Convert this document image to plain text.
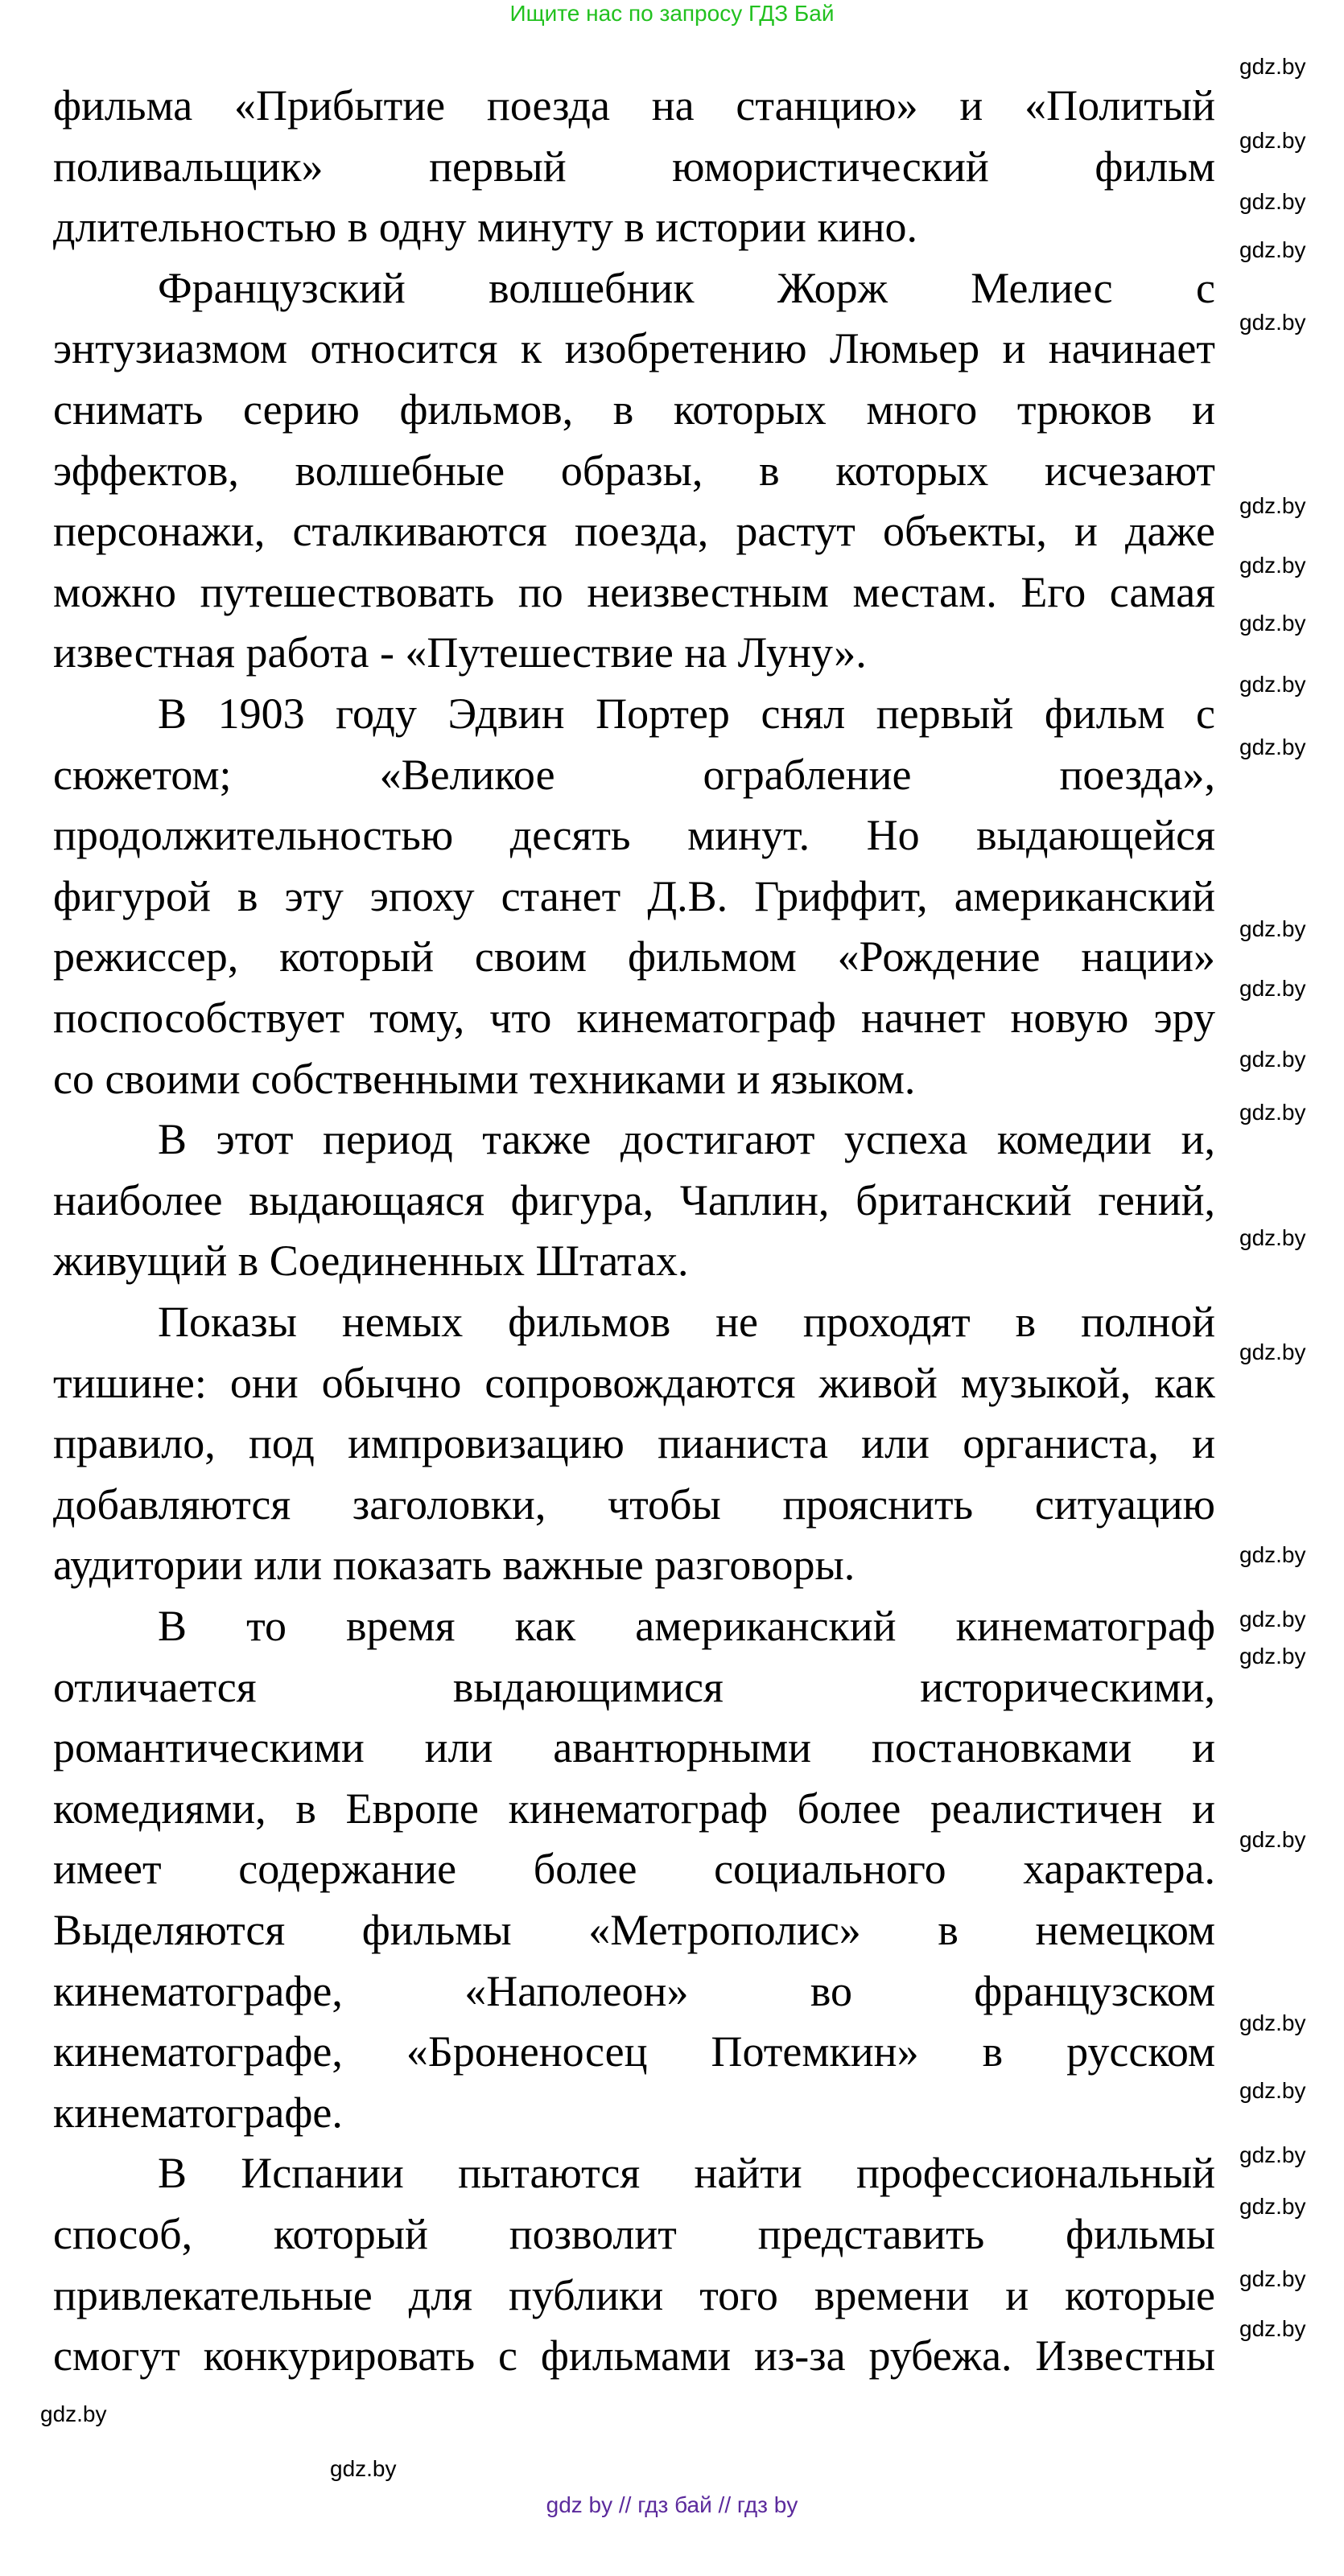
Ищите нас по запросу ГДЗ Бай
фильма «Прибытие поезда на станцию» и «Политый
поливальщик» первый юмористический фильм
длительностью в одну минуту в истории кино.
Французский волшебник Жорж Мелиес с
энтузиазмом относится к изобретению Люмьер и начинает
снимать серию фильмов, в которых много трюков и
эффектов, волшебные образы, в которых исчезают
персонажи, сталкиваются поезда, растут объекты, и даже
можно путешествовать по неизвестным местам. Его самая
известная работа - «Путешествие на Луну».
В 1903 году Эдвин Портер снял первый фильм с
сюжетом; «Великое ограбление поезда»,
продолжительностью десять минут. Но выдающейся
фигурой в эту эпоху станет Д.В. Гриффит, американский
режиссер, который своим фильмом «Рождение нации»
поспособствует тому, что кинематограф начнет новую эру
со своими собственными техниками и языком.
В этот период также достигают успеха комедии и,
наиболее выдающаяся фигура, Чаплин, британский гений,
живущий в Соединенных Штатах.
Показы немых фильмов не проходят в полной
тишине: они обычно сопровождаются живой музыкой, как
правило, под импровизацию пианиста или органиста, и
добавляются заголовки, чтобы прояснить ситуацию
аудитории или показать важные разговоры.
В то время как американский кинематограф
отличается выдающимися историческими,
романтическими или авантюрными постановками и
комедиями, в Европе кинематограф более реалистичен и
имеет содержание более социального характера.
Выделяются фильмы «Метрополис» в немецком
кинематографе, «Наполеон» во французском
кинематографе, «Броненосец Потемкин» в русском
кинематографе.
В Испании пытаются найти профессиональный
способ, который позволит представить фильмы
привлекательные для публики того времени и которые
смогут конкурировать с фильмами из-за рубежа. Известны
gdz.by
gdz.by
gdz.by
gdz.by
gdz.by
gdz.by
gdz.by
gdz.by
gdz.by
gdz.by
gdz.by
gdz.by
gdz.by
gdz.by
gdz.by
gdz.by
gdz.by
gdz.by
gdz.by
gdz.by
gdz.by
gdz.by
gdz.by
gdz.by
gdz.by
gdz.by
gdz.by
gdz.by
gdz by // гдз бай // гдз by
